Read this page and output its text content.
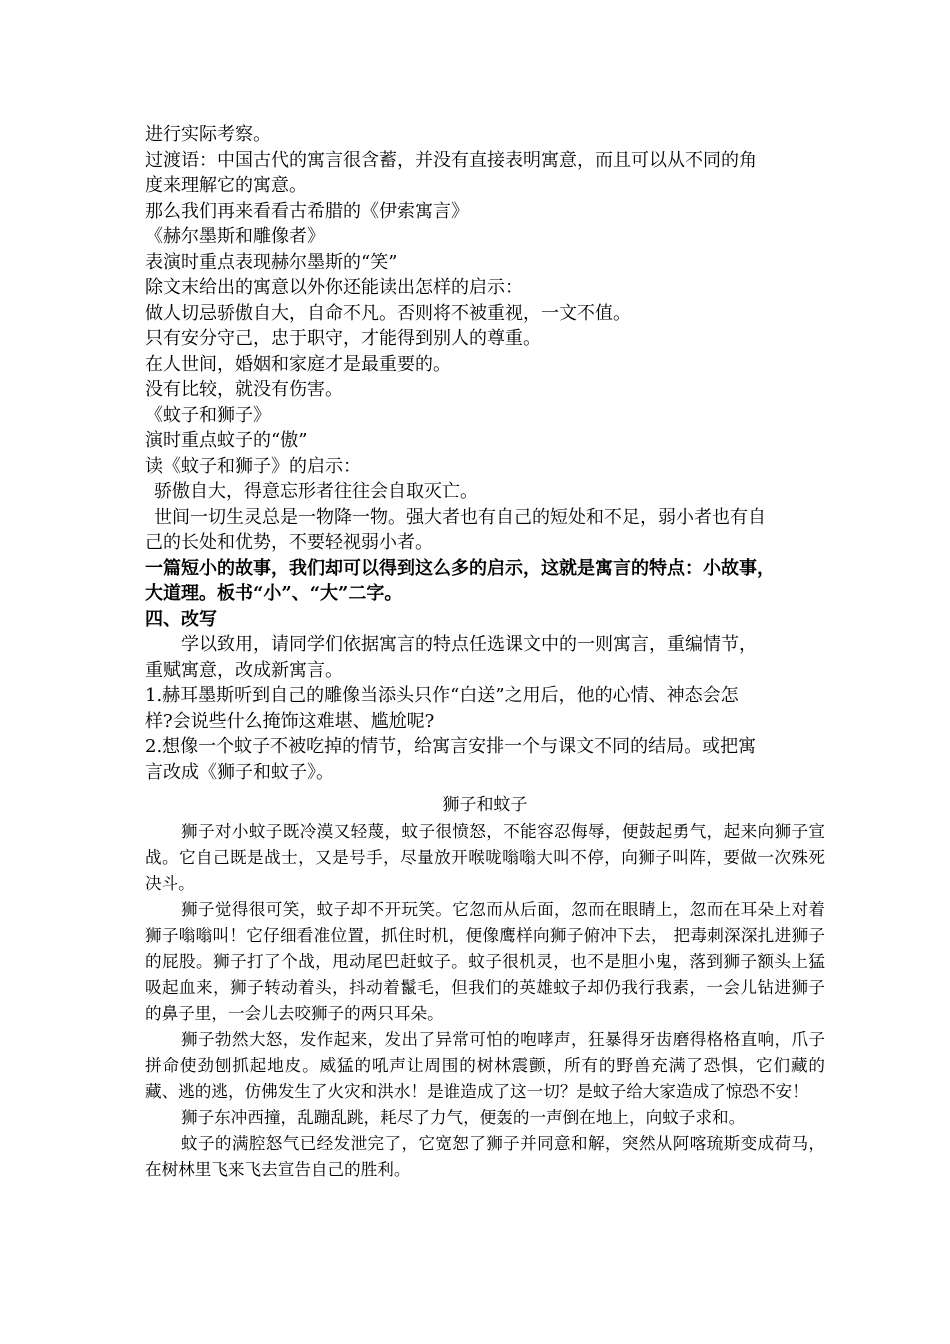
进行实际考察。
过渡语：中国古代的寓言很含蓄，并没有直接表明寓意，而且可以从不同的角
度来理解它的寓意。
那么我们再来看看古希腊的《伊索寓言》
《赫尔墨斯和雕像者》
表演时重点表现赫尔墨斯的“笑”
除文末给出的寓意以外你还能读出怎样的启示：
做人切忌骄傲自大，自命不凡。否则将不被重视，一文不值。
只有安分守己，忠于职守，才能得到别人的尊重。
在人世间，婚姻和家庭才是最重要的。
没有比较，就没有伤害。
《蚊子和狮子》
演时重点蚊子的“傲”
读《蚊子和狮子》的启示：
骄傲自大，得意忘形者往往会自取灭亡。
世间一切生灵总是一物降一物。强大者也有自己的短处和不足，弱小者也有自
己的长处和优势，不要轻视弱小者。
一篇短小的故事，我们却可以得到这么多的启示，这就是寓言的特点：小故事，
大道理。板书“小”、“大”二字。
四、改写
学以致用，请同学们依据寓言的特点任选课文中的一则寓言，重编情节，
重赋寓意，改成新寓言。
1.赫耳墨斯听到自己的雕像当添头只作“白送”之用后，他的心情、神态会怎
样?会说些什么掩饰这难堪、尴尬呢?
2.想像一个蚊子不被吃掉的情节，给寓言安排一个与课文不同的结局。或把寓
言改成《狮子和蚊子》。
狮子和蚊子

狮子对小蚊子既冷漠又轻蔑，蚊子很愤怒，不能容忍侮辱，便鼓起勇气，起来向狮子宣战。它自己既是战士，又是号手，尽量放开喉咙嗡嗡大叫不停，向狮子叫阵，要做一次殊死决斗。

狮子觉得很可笑，蚊子却不开玩笑。它忽而从后面，忽而在眼睛上，忽而在耳朵上对着狮子嗡嗡叫！它仔细看准位置，抓住时机，便像鹰样向狮子俯冲下去， 把毒刺深深扎进狮子的屁股。狮子打了个战，甩动尾巴赶蚊子。蚊子很机灵，也不是胆小鬼，落到狮子额头上猛吸起血来，狮子转动着头，抖动着鬣毛，但我们的英雄蚊子却仍我行我素，一会儿钻进狮子的鼻子里，一会儿去咬狮子的两只耳朵。

狮子勃然大怒，发作起来，发出了异常可怕的咆哮声，狂暴得牙齿磨得格格直响，爪子拼命使劲刨抓起地皮。威猛的吼声让周围的树林震颤，所有的野兽充满了恐惧，它们藏的藏、逃的逃，仿佛发生了火灾和洪水！是谁造成了这一切？是蚊子给大家造成了惊恐不安！

狮子东冲西撞，乱蹦乱跳，耗尽了力气，便轰的一声倒在地上，向蚊子求和。

蚊子的满腔怒气已经发泄完了，它宽恕了狮子并同意和解，突然从阿喀琉斯变成荷马，在树林里飞来飞去宣告自己的胜利。
